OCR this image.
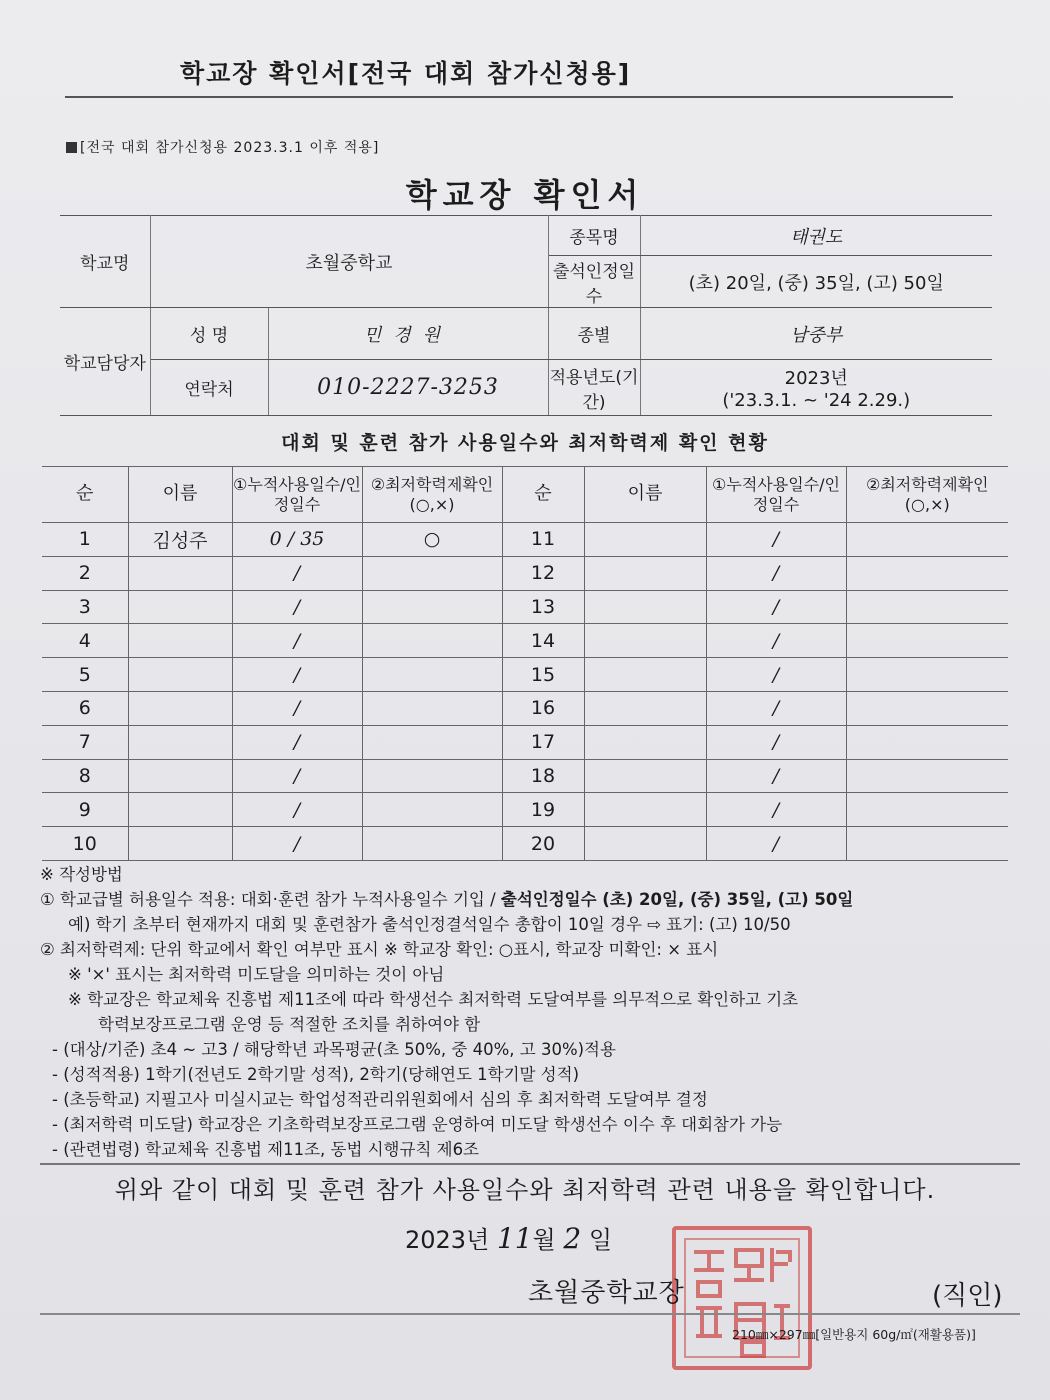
학교장 확인서[전국 대회 참가신청용]
[전국 대회 참가신청용 2023.3.1 이후 적용]
학교장 확인서
학교명	초월중학교		종목명	태권도
			출석인정일수	(초) 20일, (중) 35일, (고) 50일
학교담당자	성 명	민경원	종별	남중부
	연락처	010-2227-3253	적용년도(기간)	2023년
('23.3.1. ~ '24 2.29.)
대회 및 훈련 참가 사용일수와 최저학력제 확인 현황
순	이름	①누적사용일수/인정일수	②최저학력제확인(○,×)	순	이름	①누적사용일수/인정일수	②최저학력제확인(○,×)
1	김성주	0 / 35	○	11		/	
2		/		12		/	
3		/		13		/	
4		/		14		/	
5		/		15		/	
6		/		16		/	
7		/		17		/	
8		/		18		/	
9		/		19		/	
10		/		20		/	
※ 작성방법
① 학교급별 허용일수 적용: 대회·훈련 참가 누적사용일수 기입 / 출석인정일수 (초) 20일, (중) 35일, (고) 50일
예) 학기 초부터 현재까지 대회 및 훈련참가 출석인정결석일수 총합이 10일 경우 ⇨ 표기: (고) 10/50
② 최저학력제: 단위 학교에서 확인 여부만 표시 ※ 학교장 확인: ○표시, 학교장 미확인: × 표시
※ '×' 표시는 최저학력 미도달을 의미하는 것이 아님
※ 학교장은 학교체육 진흥법 제11조에 따라 학생선수 최저학력 도달여부를 의무적으로 확인하고 기초
학력보장프로그램 운영 등 적절한 조치를 취하여야 함
- (대상/기준) 초4 ~ 고3 / 해당학년 과목평균(초 50%, 중 40%, 고 30%)적용
- (성적적용) 1학기(전년도 2학기말 성적), 2학기(당해연도 1학기말 성적)
- (초등학교) 지필고사 미실시교는 학업성적관리위원회에서 심의 후 최저학력 도달여부 결정
- (최저학력 미도달) 학교장은 기초학력보장프로그램 운영하여 미도달 학생선수 이수 후 대회참가 가능
- (관련법령) 학교체육 진흥법 제11조, 동법 시행규칙 제6조
위와 같이 대회 및 훈련 참가 사용일수와 최저학력 관련 내용을 확인합니다.
2023년 11월 2 일
초월중학교장	(직인)
210㎜×297㎜[일반용지 60g/㎡(재활용품)]
